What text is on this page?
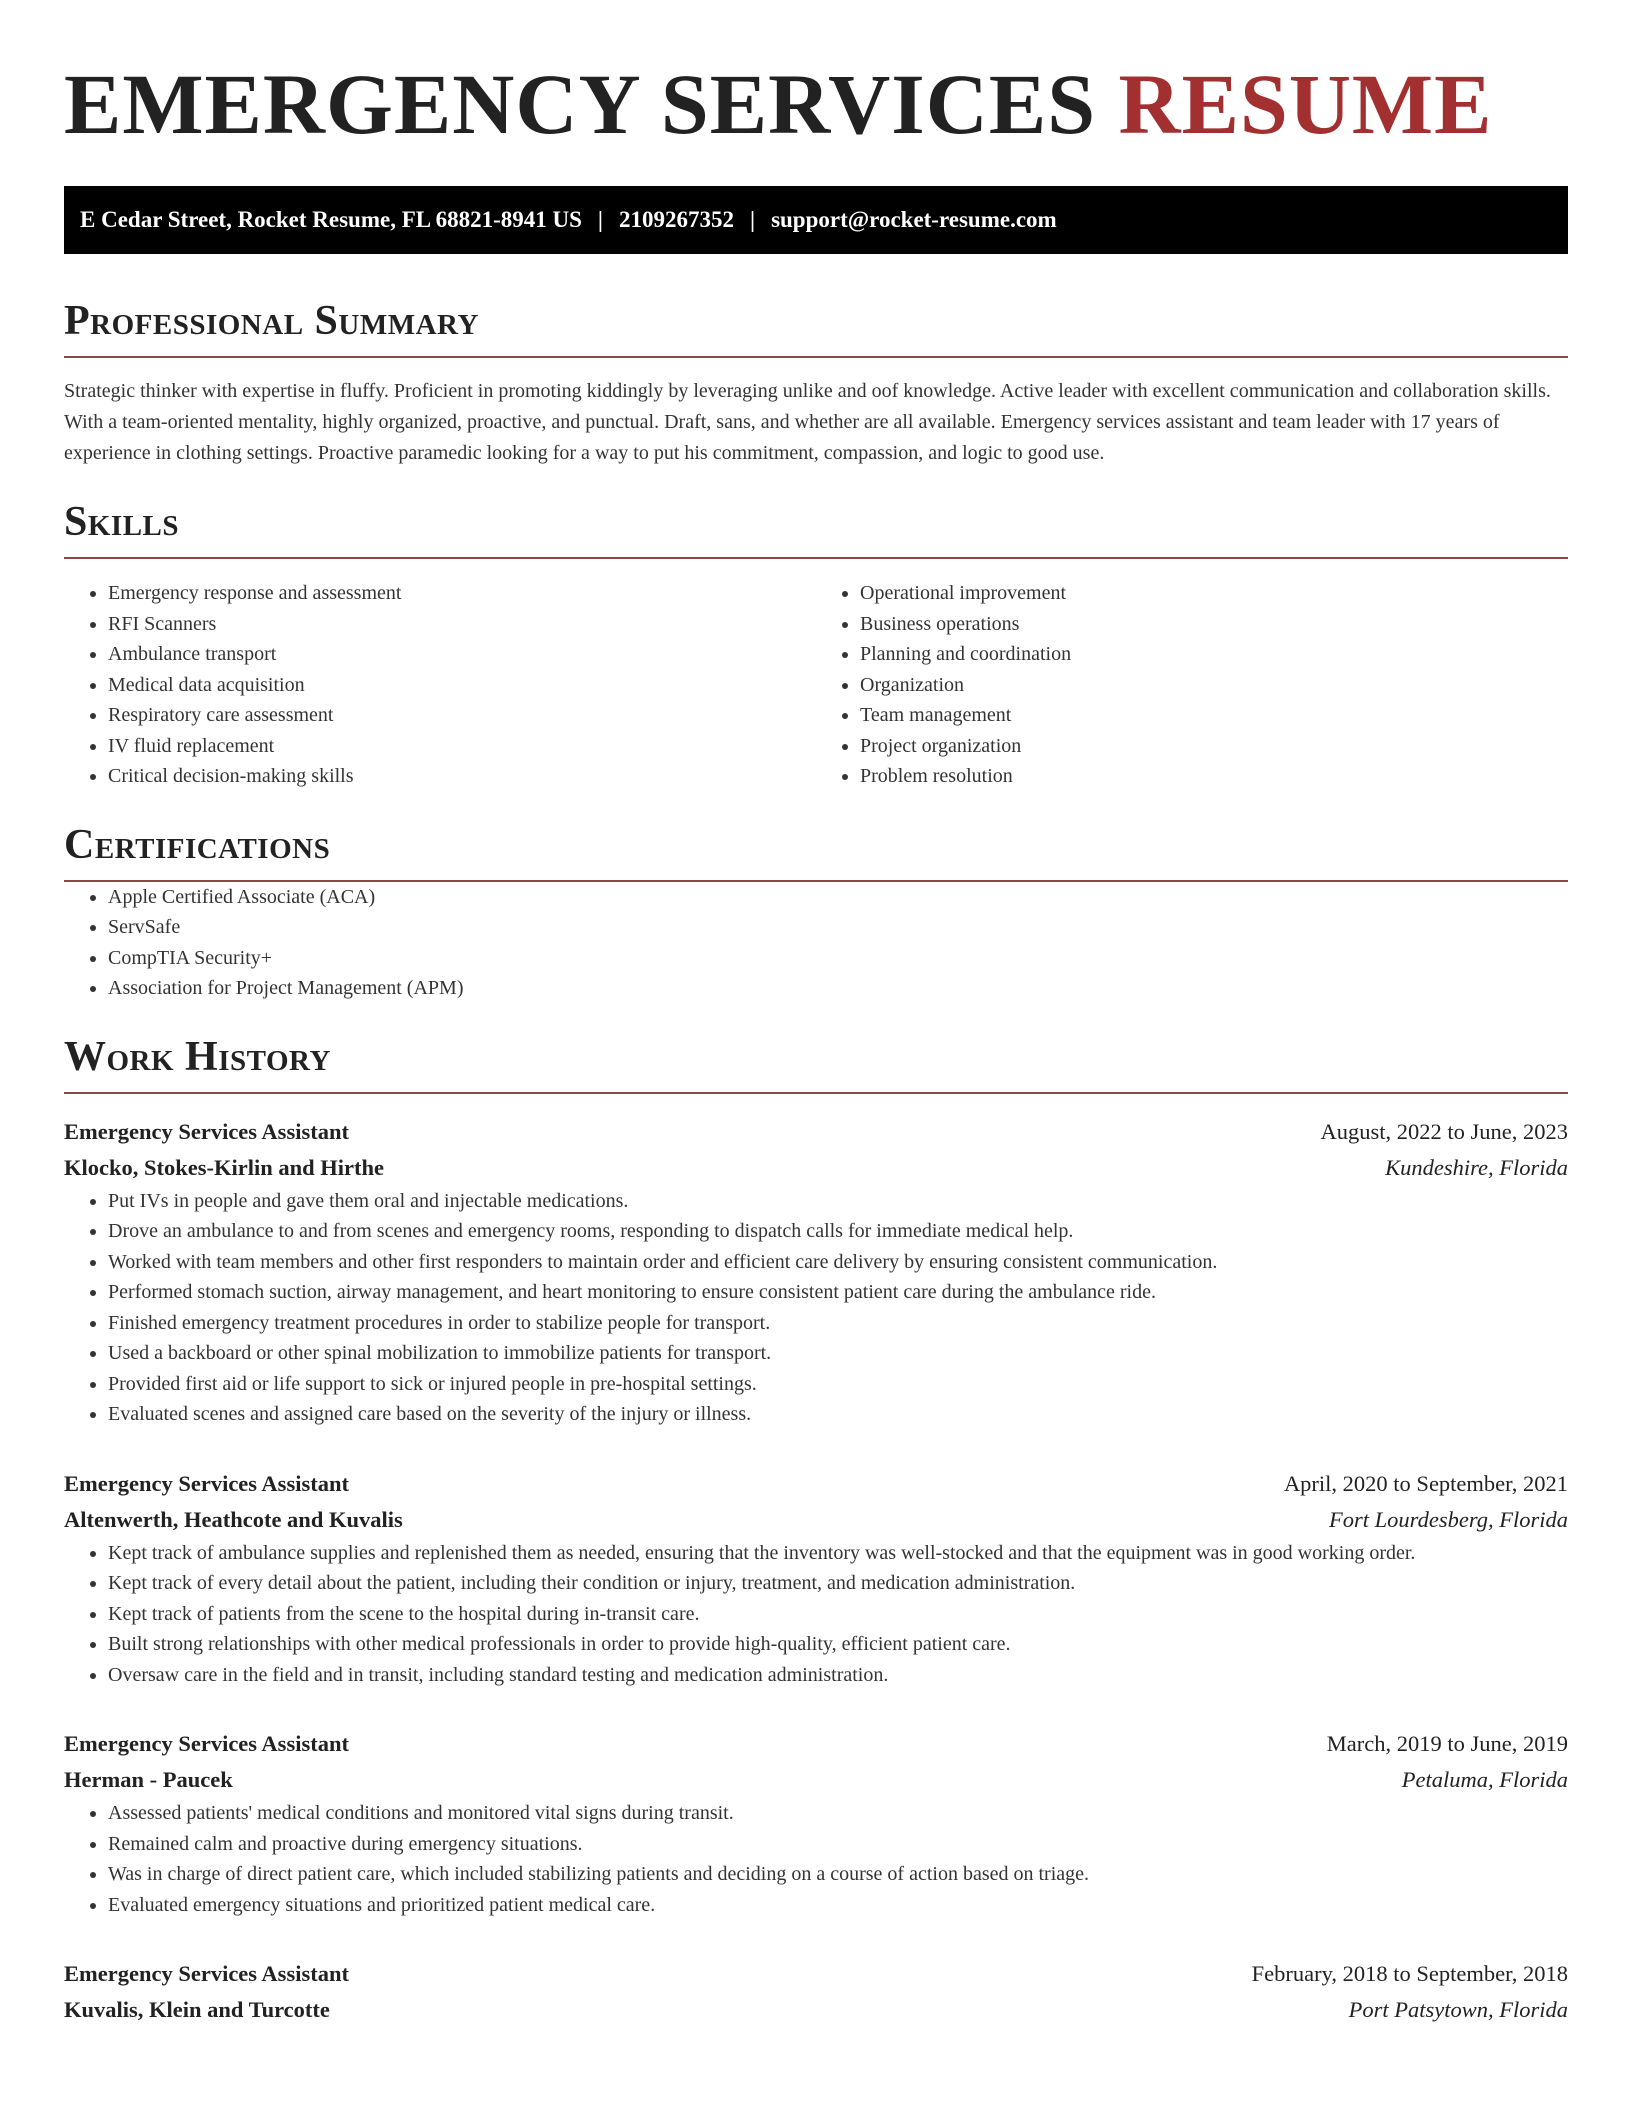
EMERGENCY SERVICES RESUME
E Cedar Street, Rocket Resume, FL 68821-8941 US | 2109267352 | support@rocket-resume.com
Professional Summary

Strategic thinker with expertise in fluffy. Proficient in promoting kiddingly by leveraging unlike and oof knowledge. Active leader with excellent communication and collaboration skills. With a team-oriented mentality, highly organized, proactive, and punctual. Draft, sans, and whether are all available. Emergency services assistant and team leader with 17 years of experience in clothing settings. Proactive paramedic looking for a way to put his commitment, compassion, and logic to good use.

Skills
• Emergency response and assessment
• RFI Scanners
• Ambulance transport
• Medical data acquisition
• Respiratory care assessment
• IV fluid replacement
• Critical decision-making skills
• Operational improvement
• Business operations
• Planning and coordination
• Organization
• Team management
• Project organization
• Problem resolution
Certifications
• Apple Certified Associate (ACA)
• ServSafe
• CompTIA Security+
• Association for Project Management (APM)
Work History
Emergency Services Assistant	August, 2022 to June, 2023
Klocko, Stokes-Kirlin and Hirthe	Kundeshire, Florida
• Put IVs in people and gave them oral and injectable medications.
• Drove an ambulance to and from scenes and emergency rooms, responding to dispatch calls for immediate medical help.
• Worked with team members and other first responders to maintain order and efficient care delivery by ensuring consistent communication.
• Performed stomach suction, airway management, and heart monitoring to ensure consistent patient care during the ambulance ride.
• Finished emergency treatment procedures in order to stabilize people for transport.
• Used a backboard or other spinal mobilization to immobilize patients for transport.
• Provided first aid or life support to sick or injured people in pre-hospital settings.
• Evaluated scenes and assigned care based on the severity of the injury or illness.
Emergency Services Assistant	April, 2020 to September, 2021
Altenwerth, Heathcote and Kuvalis	Fort Lourdesberg, Florida
• Kept track of ambulance supplies and replenished them as needed, ensuring that the inventory was well-stocked and that the equipment was in good working order.
• Kept track of every detail about the patient, including their condition or injury, treatment, and medication administration.
• Kept track of patients from the scene to the hospital during in-transit care.
• Built strong relationships with other medical professionals in order to provide high-quality, efficient patient care.
• Oversaw care in the field and in transit, including standard testing and medication administration.
Emergency Services Assistant	March, 2019 to June, 2019
Herman - Paucek	Petaluma, Florida
• Assessed patients' medical conditions and monitored vital signs during transit.
• Remained calm and proactive during emergency situations.
• Was in charge of direct patient care, which included stabilizing patients and deciding on a course of action based on triage.
• Evaluated emergency situations and prioritized patient medical care.
Emergency Services Assistant	February, 2018 to September, 2018
Kuvalis, Klein and Turcotte	Port Patsytown, Florida
